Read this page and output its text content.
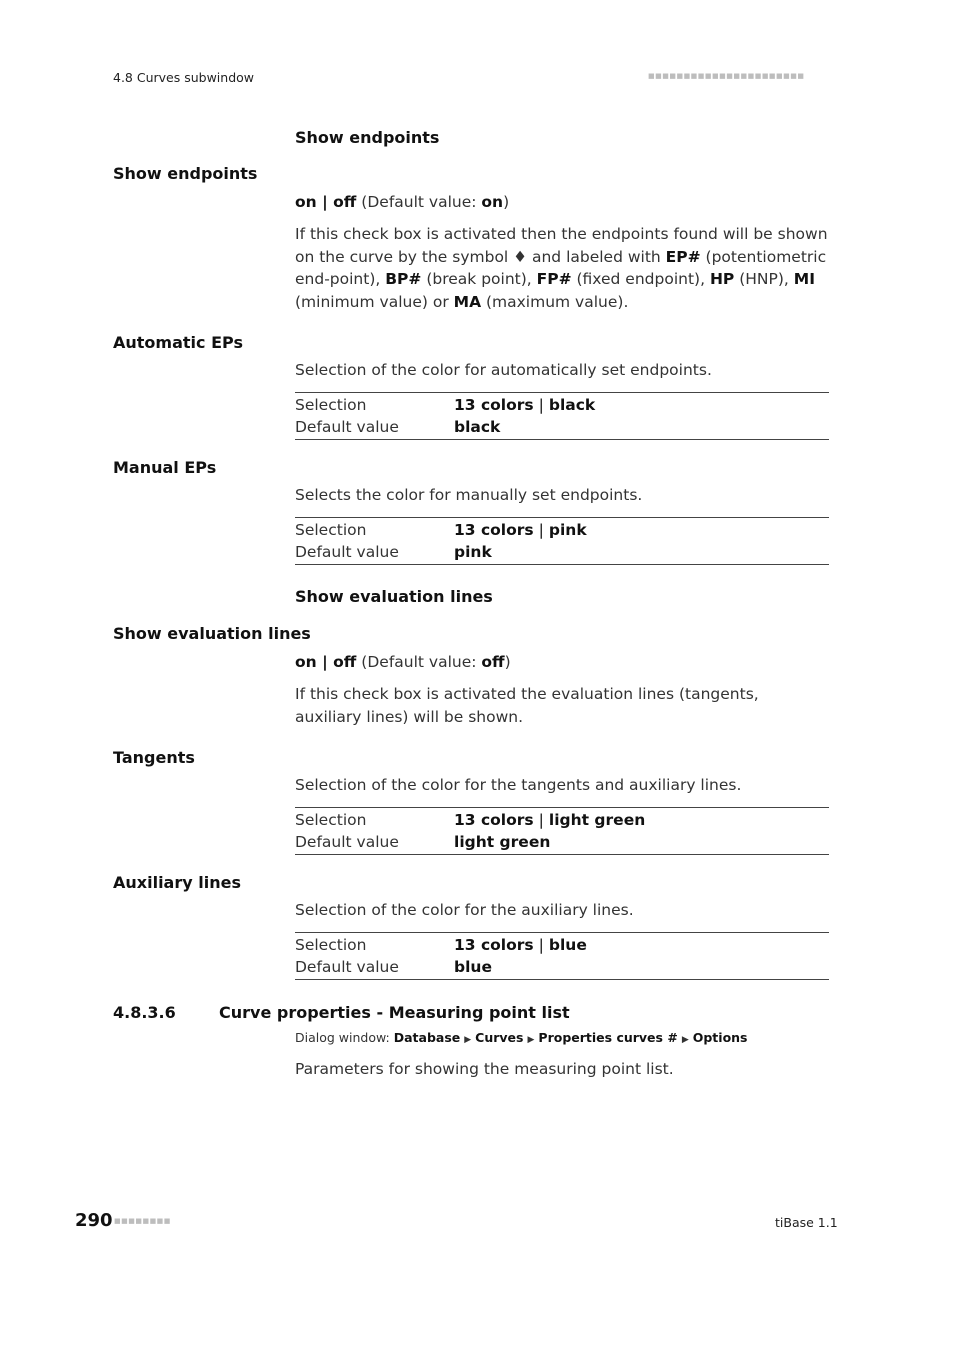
4.8 Curves subwindow	■■■■■■■■■■■■■■■■■■■■■■
Show endpoints
Show endpoints
on | off (Default value: on)
If this check box is activated then the endpoints found will be shown on the curve by the symbol ♦ and labeled with EP# (potentiometric end-point), BP# (break point), FP# (fixed endpoint), HP (HNP), MI (minimum value) or MA (maximum value).
Automatic EPs
Selection of the color for automatically set endpoints.
Selection	13 colors | black
Default value	black
Manual EPs
Selects the color for manually set endpoints.
Selection	13 colors | pink
Default value	pink
Show evaluation lines
Show evaluation lines
on | off (Default value: off)
If this check box is activated the evaluation lines (tangents, auxiliary lines) will be shown.
Tangents
Selection of the color for the tangents and auxiliary lines.
Selection	13 colors | light green
Default value	light green
Auxiliary lines
Selection of the color for the auxiliary lines.
Selection	13 colors | blue
Default value	blue
4.8.3.6	Curve properties - Measuring point list
Dialog window: Database ▶ Curves ▶ Properties curves # ▶ Options
Parameters for showing the measuring point list.
290 ■■■■■■■■	tiBase 1.1
